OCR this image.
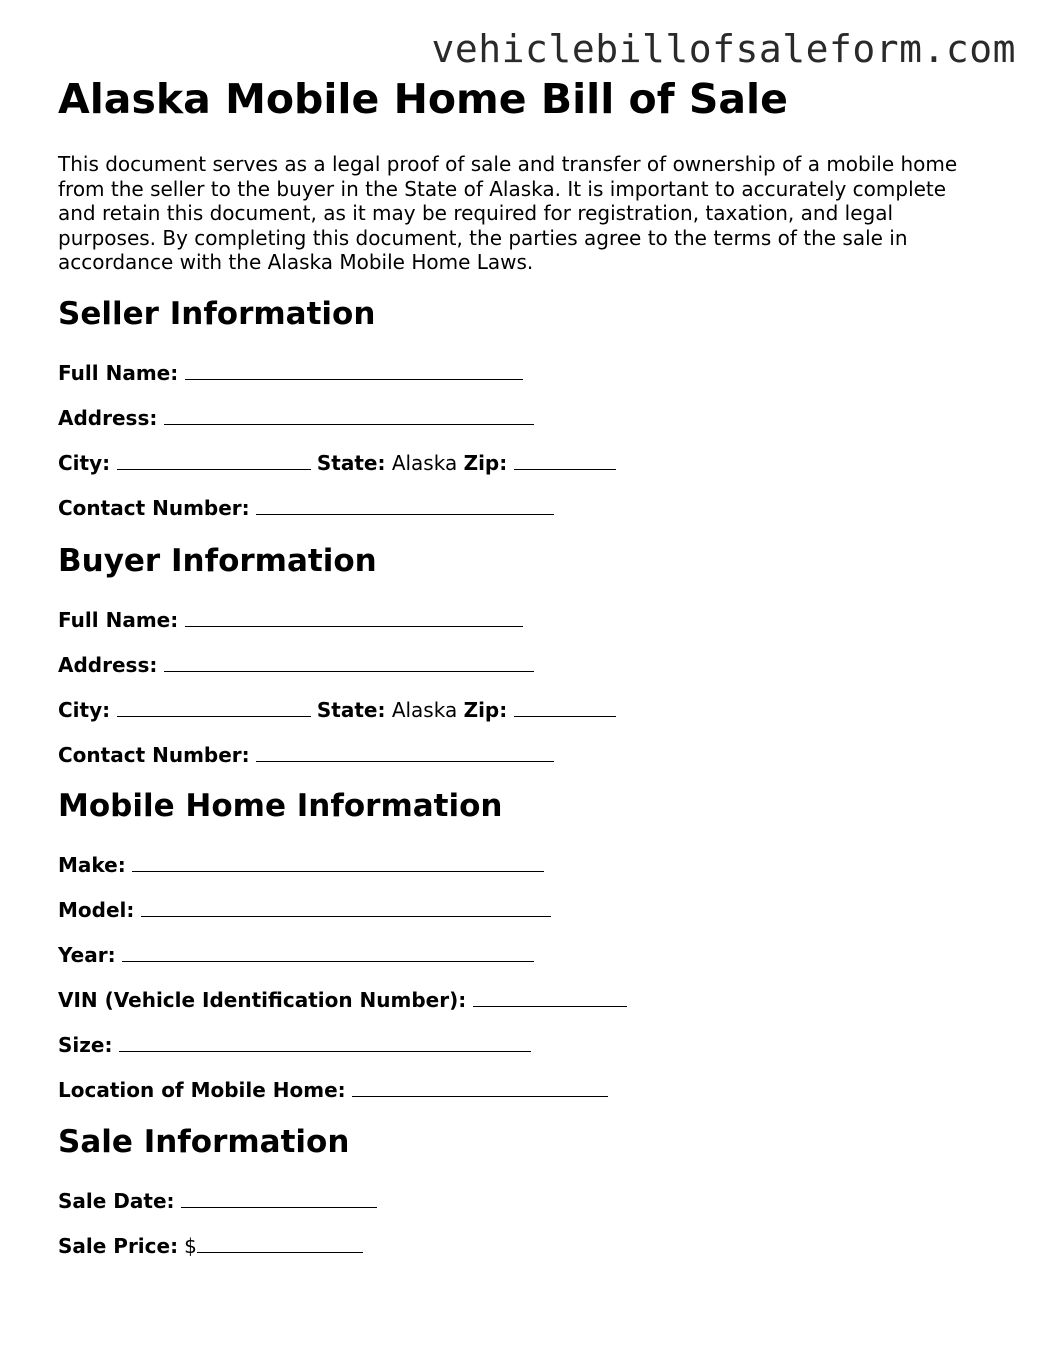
vehiclebillofsaleform.com
Alaska Mobile Home Bill of Sale

This document serves as a legal proof of sale and transfer of ownership of a mobile home from the seller to the buyer in the State of Alaska. It is important to accurately complete and retain this document, as it may be required for registration, taxation, and legal purposes. By completing this document, the parties agree to the terms of the sale in accordance with the Alaska Mobile Home Laws.

Seller Information
Full Name:
Address:
City:	State: Alaska Zip:
Contact Number:
Buyer Information
Full Name:
Address:
City:	State: Alaska Zip:
Contact Number:
Mobile Home Information
Make:
Model:
Year:
VIN (Vehicle Identification Number):
Size:
Location of Mobile Home:
Sale Information
Sale Date:
Sale Price: $
